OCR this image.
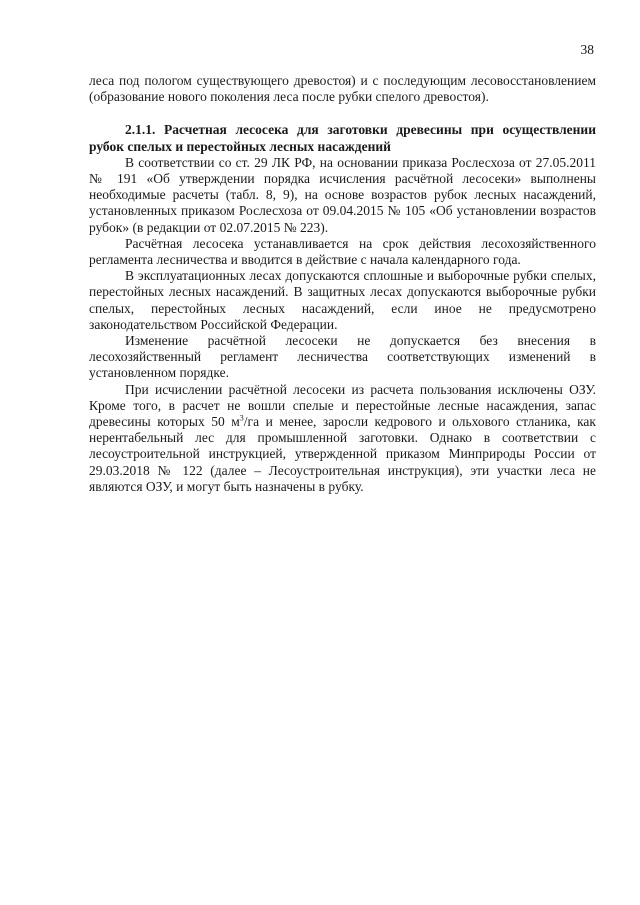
38

леса под пологом существующего древостоя) и с последующим лесовосстановлением (образование нового поколения леса после рубки спелого древостоя).

2.1.1. Расчетная лесосека для заготовки древесины при осуществлении рубок спелых и перестойных лесных насаждений

В соответствии со ст. 29 ЛК РФ, на основании приказа Рослесхоза от 27.05.2011 № 191 «Об утверждении порядка исчисления расчётной лесосеки» выполнены необходимые расчеты (табл. 8, 9), на основе возрастов рубок лесных насаждений, установленных приказом Рослесхоза от 09.04.2015 № 105 «Об установлении возрастов рубок» (в редакции от 02.07.2015 № 223).

Расчётная лесосека устанавливается на срок действия лесохозяйственного регламента лесничества и вводится в действие с начала календарного года.

В эксплуатационных лесах допускаются сплошные и выборочные рубки спелых, перестойных лесных насаждений. В защитных лесах допускаются выборочные рубки спелых, перестойных лесных насаждений, если иное не предусмотрено законодательством Российской Федерации.

Изменение расчётной лесосеки не допускается без внесения в лесохозяйственный регламент лесничества соответствующих изменений в установленном порядке.

При исчислении расчётной лесосеки из расчета пользования исключены ОЗУ. Кроме того, в расчет не вошли спелые и перестойные лесные насаждения, запас древесины которых 50 $м^3/га$ и менее, заросли кедрового и ольхового стланика, как нерентабельный лес для промышленной заготовки. Однако в соответствии с лесоустроительной инструкцией, утвержденной приказом Минприроды России от 29.03.2018 № 122 (далее – Лесоустроительная инструкция), эти участки леса не являются ОЗУ, и могут быть назначены в рубку.
